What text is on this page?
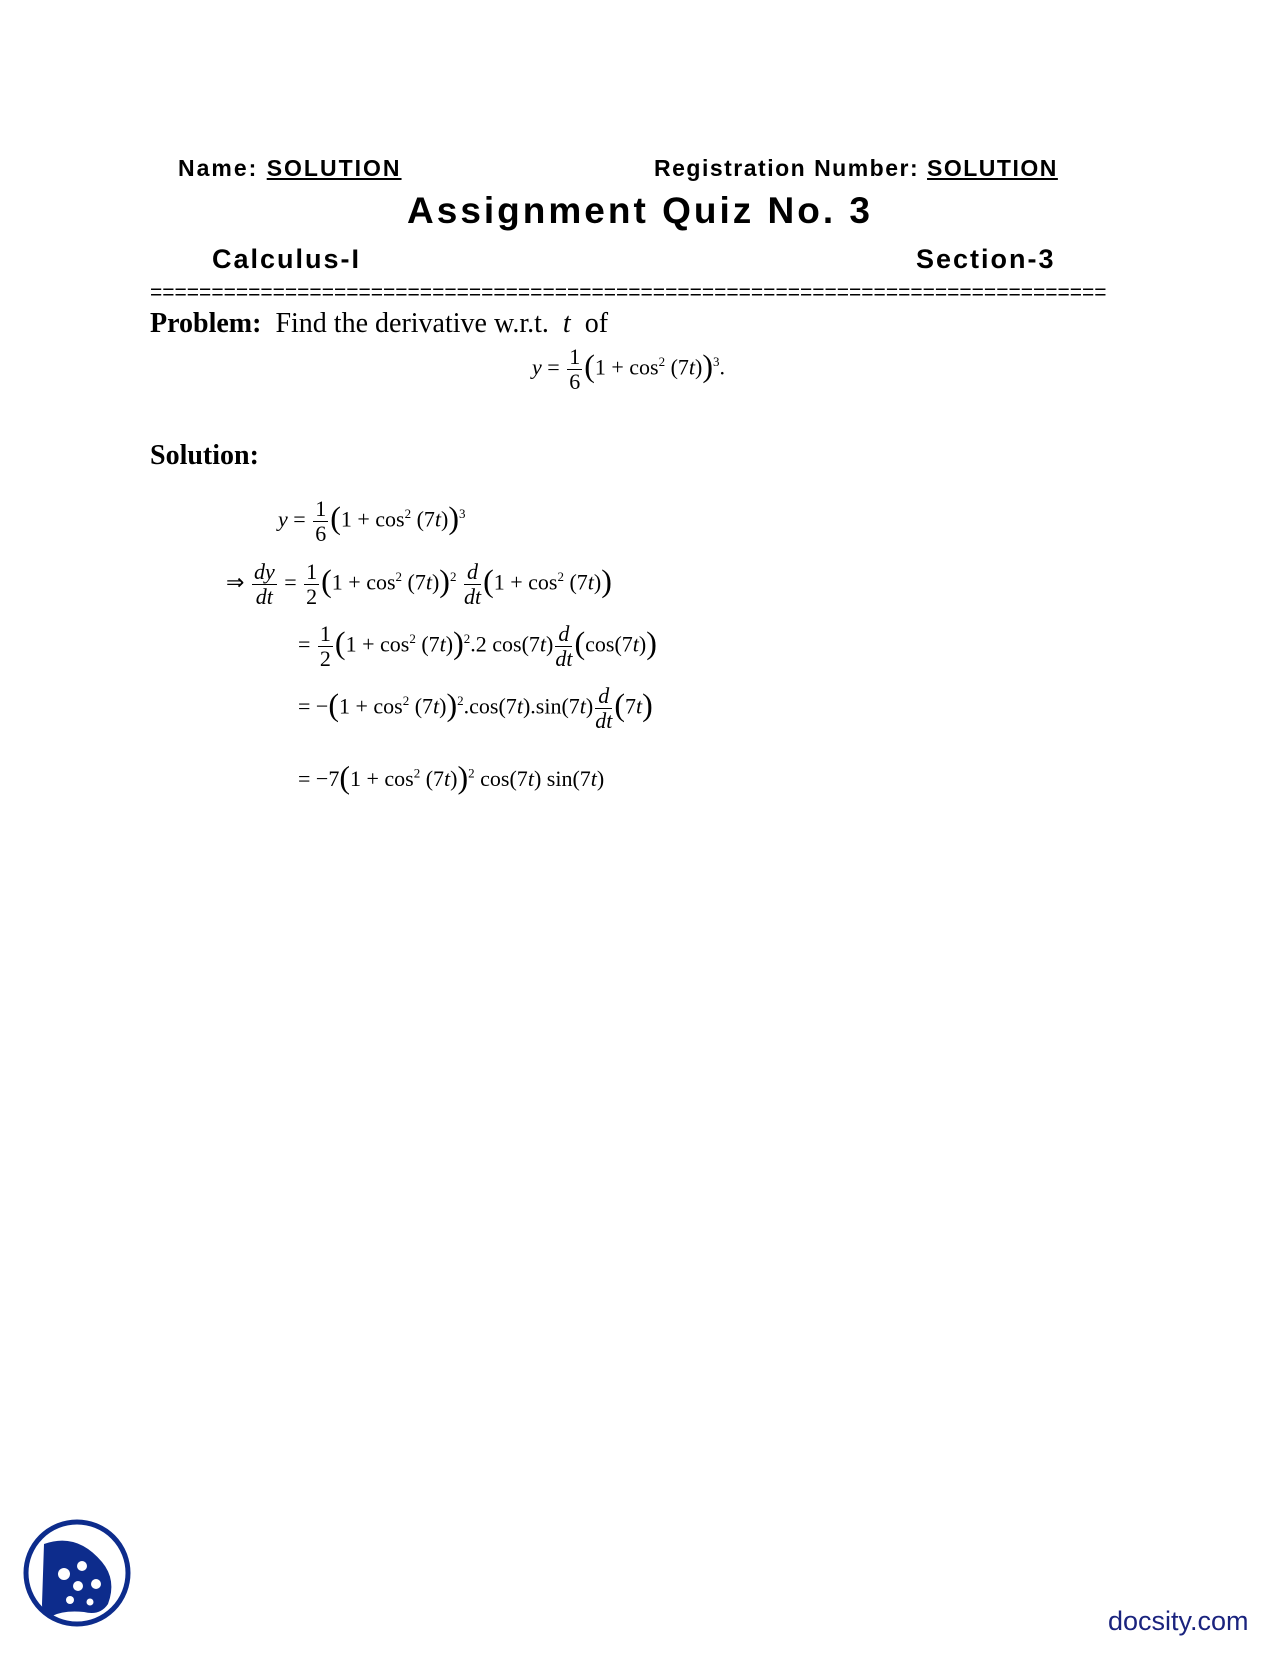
Name: SOLUTION	Registration Number: SOLUTION
Assignment Quiz No. 3
Calculus-I	Section-3
==============================================================================
Problem: Find the derivative w.r.t. t of
$y = \frac{1}{6} (1 + \cos^2 (7t))^3$.
Solution:
$y = \frac{1}{6} (1 + \cos^2 (7t))^3$
⇒ $\frac{dy}{dt} = \frac{1}{2} (1 + \cos^2 (7t))^2 \frac{d}{dt} (1 + \cos^2 (7t))$
= $\frac{1}{2} (1 + \cos^2 (7t))^2.2$ $\cos(7t) \frac{d}{dt} (\cos(7t))$
= $-(1 + \cos^2 (7t))^2.\cos(7t).\sin(7t) \frac{d}{dt} (7t)$
= $-7(1 + \cos^2 (7t))^2$ cos(7t) sin(7t)
docsity.com
